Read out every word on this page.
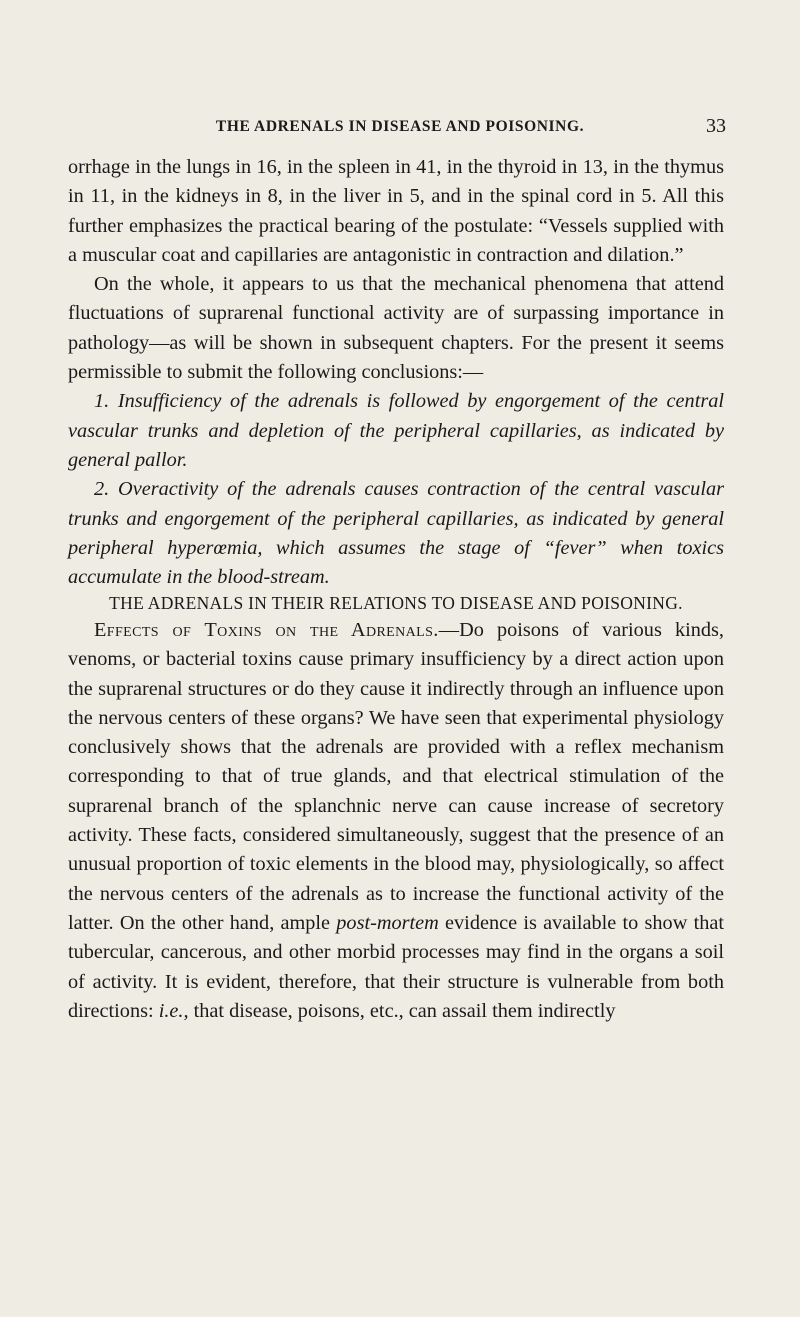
THE ADRENALS IN DISEASE AND POISONING.	33

orrhage in the lungs in 16, in the spleen in 41, in the thyroid in 13, in the thymus in 11, in the kidneys in 8, in the liver in 5, and in the spinal cord in 5. All this further emphasizes the practical bearing of the postulate: “Vessels supplied with a muscular coat and capillaries are antagonistic in contraction and dilation.”

On the whole, it appears to us that the mechanical phenomena that attend fluctuations of suprarenal functional activity are of surpassing importance in pathology—as will be shown in subsequent chapters. For the present it seems permissible to submit the following conclusions:—

1. Insufficiency of the adrenals is followed by engorgement of the central vascular trunks and depletion of the peripheral capillaries, as indicated by general pallor.

2. Overactivity of the adrenals causes contraction of the central vascular trunks and engorgement of the peripheral capillaries, as indicated by general peripheral hyperœmia, which assumes the stage of “fever” when toxics accumulate in the blood-stream.

THE ADRENALS IN THEIR RELATIONS TO DISEASE AND POISONING.

Effects of Toxins on the Adrenals.—Do poisons of various kinds, venoms, or bacterial toxins cause primary insufficiency by a direct action upon the suprarenal structures or do they cause it indirectly through an influence upon the nervous centers of these organs? We have seen that experimental physiology conclusively shows that the adrenals are provided with a reflex mechanism corresponding to that of true glands, and that electrical stimulation of the suprarenal branch of the splanchnic nerve can cause increase of secretory activity. These facts, considered simultaneously, suggest that the presence of an unusual proportion of toxic elements in the blood may, physiologically, so affect the nervous centers of the adrenals as to increase the functional activity of the latter. On the other hand, ample post-mortem evidence is available to show that tubercular, cancerous, and other morbid processes may find in the organs a soil of activity. It is evident, therefore, that their structure is vulnerable from both directions: i.e., that disease, poisons, etc., can assail them indirectly
